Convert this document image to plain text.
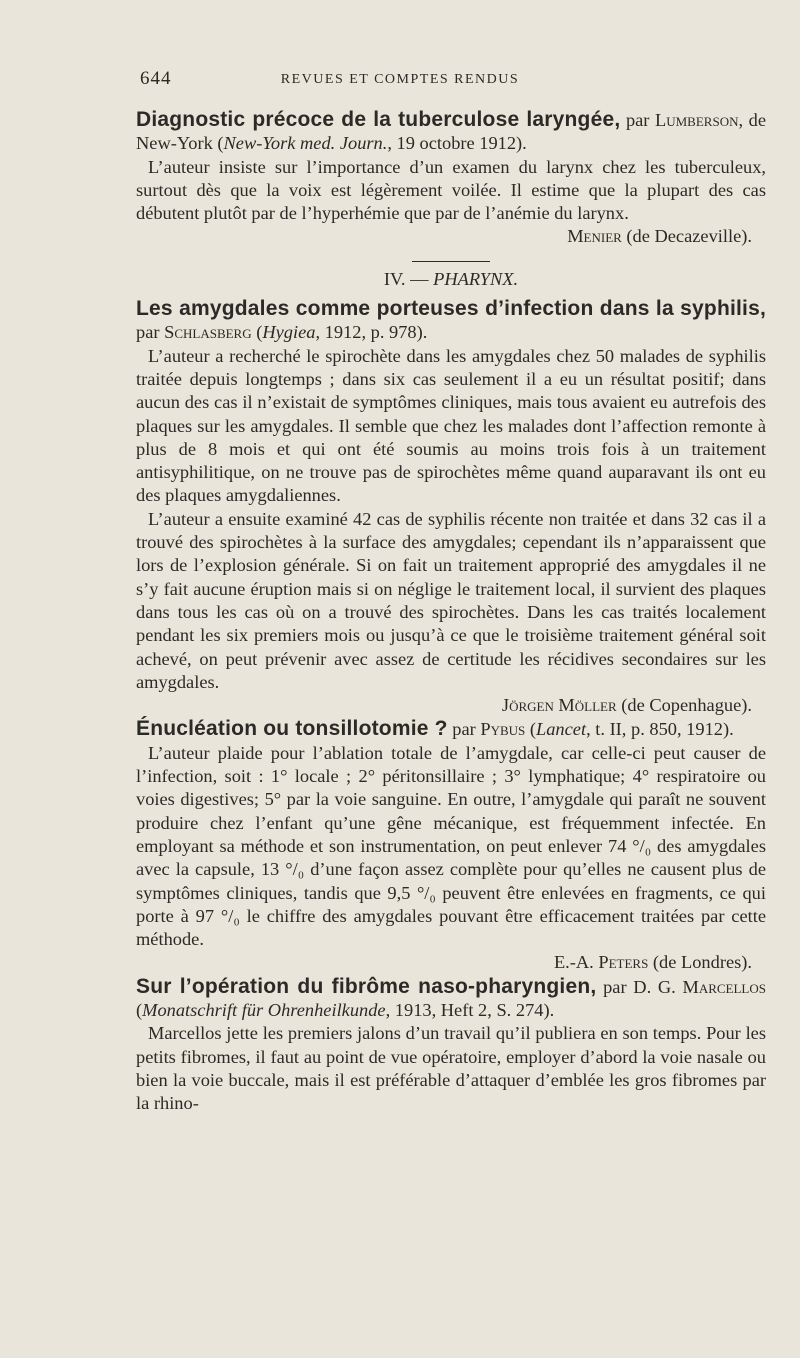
644	REVUES ET COMPTES RENDUS

Diagnostic précoce de la tuberculose laryngée, par Lumberson, de New-York (New-York med. Journ., 19 octobre 1912).

L’auteur insiste sur l’importance d’un examen du larynx chez les tuberculeux, surtout dès que la voix est légèrement voilée. Il estime que la plupart des cas débutent plutôt par de l’hyperhémie que par de l’anémie du larynx.

Menier (de Decazeville).

IV. — PHARYNX.

Les amygdales comme porteuses d’infection dans la syphilis, par Schlasberg (Hygiea, 1912, p. 978).

L’auteur a recherché le spirochète dans les amygdales chez 50 malades de syphilis traitée depuis longtemps ; dans six cas seulement il a eu un résultat positif; dans aucun des cas il n’existait de symptômes cliniques, mais tous avaient eu autrefois des plaques sur les amygdales. Il semble que chez les malades dont l’affection remonte à plus de 8 mois et qui ont été soumis au moins trois fois à un traitement antisyphilitique, on ne trouve pas de spirochètes même quand auparavant ils ont eu des plaques amygdaliennes.

L’auteur a ensuite examiné 42 cas de syphilis récente non traitée et dans 32 cas il a trouvé des spirochètes à la surface des amygdales; cependant ils n’apparaissent que lors de l’explosion générale. Si on fait un traitement approprié des amygdales il ne s’y fait aucune éruption mais si on néglige le traitement local, il survient des plaques dans tous les cas où on a trouvé des spirochètes. Dans les cas traités localement pendant les six premiers mois ou jusqu’à ce que le troisième traitement général soit achevé, on peut prévenir avec assez de certitude les récidives secondaires sur les amygdales.

Jörgen Möller (de Copenhague).

Énucléation ou tonsillotomie ? par Pybus (Lancet, t. II, p. 850, 1912).

L’auteur plaide pour l’ablation totale de l’amygdale, car celle-ci peut causer de l’infection, soit : 1° locale ; 2° péritonsillaire ; 3° lymphatique; 4° respiratoire ou voies digestives; 5° par la voie sanguine. En outre, l’amygdale qui paraît ne souvent produire chez l’enfant qu’une gêne mécanique, est fréquemment infectée. En employant sa méthode et son instrumentation, on peut enlever 74 °/₀ des amygdales avec la capsule, 13 °/₀ d’une façon assez complète pour qu’elles ne causent plus de symptômes cliniques, tandis que 9,5 °/₀ peuvent être enlevées en fragments, ce qui porte à 97 °/₀ le chiffre des amygdales pouvant être efficacement traitées par cette méthode.

E.-A. Peters (de Londres).

Sur l’opération du fibrôme naso-pharyngien, par D. G. Marcellos (Monatschrift für Ohrenheilkunde, 1913, Heft 2, S. 274).

Marcellos jette les premiers jalons d’un travail qu’il publiera en son temps. Pour les petits fibromes, il faut au point de vue opératoire, employer d’abord la voie nasale ou bien la voie buccale, mais il est préférable d’attaquer d’emblée les gros fibromes par la rhino-
